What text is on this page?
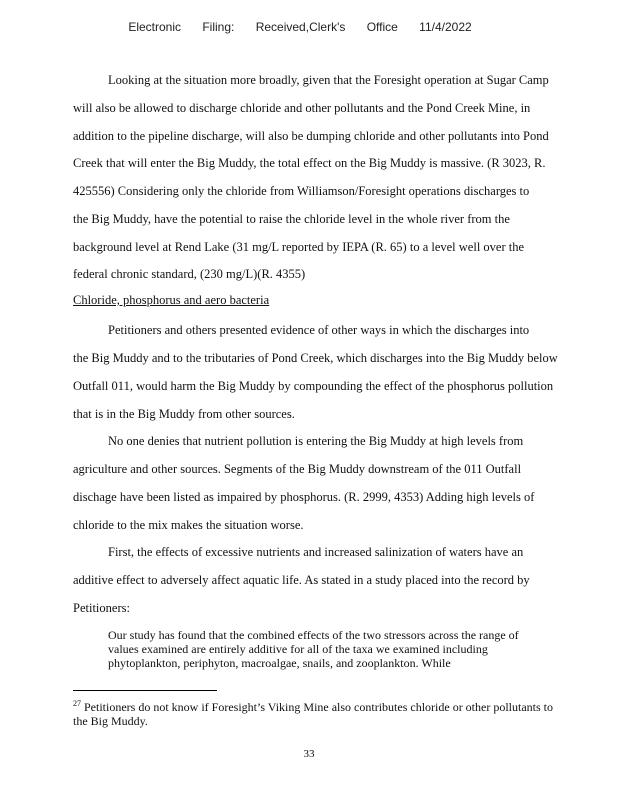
Electronic Filing: Received,Clerk's Office 11/4/2022
Looking at the situation more broadly, given that the Foresight operation at Sugar Camp
will also be allowed to discharge chloride and other pollutants and the Pond Creek Mine, in
addition to the pipeline discharge, will also be dumping chloride and other pollutants into Pond
Creek that will enter the Big Muddy, the total effect on the Big Muddy is massive. (R 3023, R.
425556) Considering only the chloride from Williamson/Foresight operations discharges to
the Big Muddy, have the potential to raise the chloride level in the whole river from the
background level at Rend Lake (31 mg/L reported by IEPA (R. 65) to a level well over the
federal chronic standard, (230 mg/L)(R. 4355)
Chloride, phosphorus and aero bacteria
Petitioners and others presented evidence of other ways in which the discharges into
the Big Muddy and to the tributaries of Pond Creek, which discharges into the Big Muddy below
Outfall 011, would harm the Big Muddy by compounding the effect of the phosphorus pollution
that is in the Big Muddy from other sources.
No one denies that nutrient pollution is entering the Big Muddy at high levels from
agriculture and other sources. Segments of the Big Muddy downstream of the 011 Outfall
dischage have been listed as impaired by phosphorus. (R. 2999, 4353) Adding high levels of
chloride to the mix makes the situation worse.
First, the effects of excessive nutrients and increased salinization of waters have an
additive effect to adversely affect aquatic life. As stated in a study placed into the record by
Petitioners:
Our study has found that the combined effects of the two stressors across the range of values examined are entirely additive for all of the taxa we examined including phytoplankton, periphyton, macroalgae, snails, and zooplankton. While
$^{27}$ Petitioners do not know if Foresight’s Viking Mine also contributes chloride or other pollutants to the Big Muddy.
33
